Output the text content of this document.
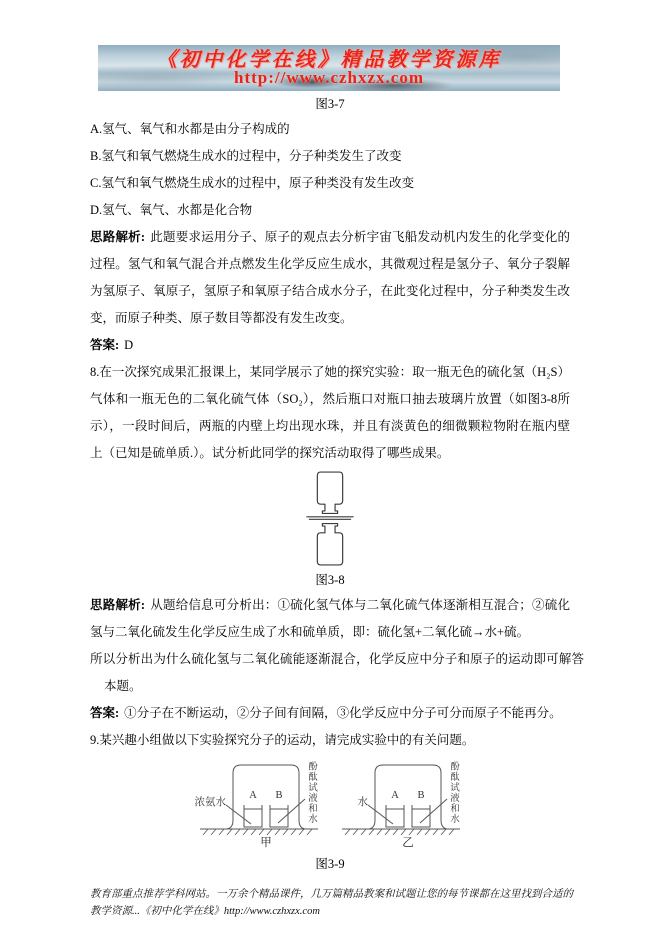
《初中化学在线》精品教学资源库
http://www.czhxzx.com
图3-7

A.氢气、氧气和水都是由分子构成的

B.氢气和氧气燃烧生成水的过程中，分子种类发生了改变

C.氢气和氧气燃烧生成水的过程中，原子种类没有发生改变

D.氢气、氧气、水都是化合物

思路解析: 此题要求运用分子、原子的观点去分析宇宙飞船发动机内发生的化学变化的过程。氢气和氧气混合并点燃发生化学反应生成水，其微观过程是氢分子、氧分子裂解为氢原子、氧原子，氢原子和氧原子结合成水分子，在此变化过程中，分子种类发生改变，而原子种类、原子数目等都没有发生改变。

答案: D

8.在一次探究成果汇报课上，某同学展示了她的探究实验：取一瓶无色的硫化氢（H₂S）气体和一瓶无色的二氧化硫气体（SO₂），然后瓶口对瓶口抽去玻璃片放置（如图3-8所示），一段时间后，两瓶的内壁上均出现水珠，并且有淡黄色的细微颗粒物附在瓶内壁上（已知是硫单质.）。试分析此同学的探究活动取得了哪些成果。

图3-8

思路解析: 从题给信息可分析出：①硫化氢气体与二氧化硫气体逐渐相互混合；②硫化氢与二氧化硫发生化学反应生成了水和硫单质，即：硫化氢+二氧化硫→水+硫。

所以分析出为什么硫化氢与二氧化硫能逐渐混合，化学反应中分子和原子的运动即可解答本题。

答案: ①分子在不断运动，②分子间有间隔，③化学反应中分子可分而原子不能再分。

9.某兴趣小组做以下实验探究分子的运动，请完成实验中的有关问题。

浓氨水	酚酞试液和水
A	B
甲
水	酚酞试液和水
A	B
乙
图3-9
教育部重点推荐学科网站。一万余个精品课件，几万篇精品教案和试题让您的每节课都在这里找到合适的
教学资源...《初中化学在线》http://www.czhxzx.com
